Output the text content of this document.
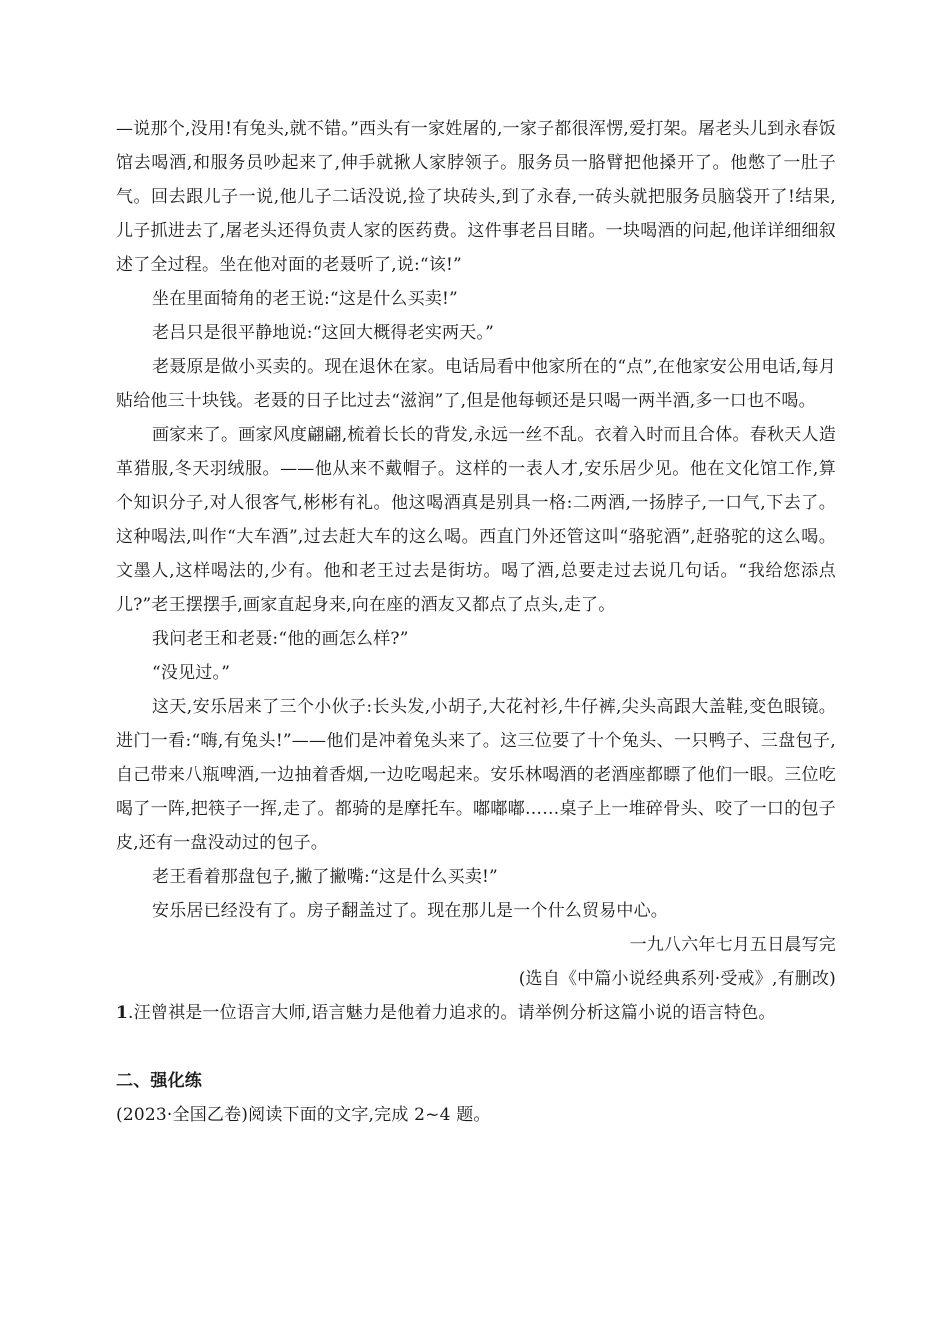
—说那个,没用!有兔头,就不错。”西头有一家姓屠的,一家子都很浑愣,爱打架。屠老头儿到永春饭馆去喝酒,和服务员吵起来了,伸手就揪人家脖领子。服务员一胳臂把他搡开了。他憋了一肚子气。回去跟儿子一说,他儿子二话没说,捡了块砖头,到了永春,一砖头就把服务员脑袋开了!结果,儿子抓进去了,屠老头还得负责人家的医药费。这件事老吕目睹。一块喝酒的问起,他详详细细叙述了全过程。坐在他对面的老聂听了,说:“该!”

坐在里面犄角的老王说:“这是什么买卖!”

老吕只是很平静地说:“这回大概得老实两天。”

老聂原是做小买卖的。现在退休在家。电话局看中他家所在的“点”,在他家安公用电话,每月贴给他三十块钱。老聂的日子比过去“滋润”了,但是他每顿还是只喝一两半酒,多一口也不喝。

画家来了。画家风度翩翩,梳着长长的背发,永远一丝不乱。衣着入时而且合体。春秋天人造革猎服,冬天羽绒服。——他从来不戴帽子。这样的一表人才,安乐居少见。他在文化馆工作,算个知识分子,对人很客气,彬彬有礼。他这喝酒真是别具一格:二两酒,一扬脖子,一口气,下去了。这种喝法,叫作“大车酒”,过去赶大车的这么喝。西直门外还管这叫“骆驼酒”,赶骆驼的这么喝。文墨人,这样喝法的,少有。他和老王过去是街坊。喝了酒,总要走过去说几句话。“我给您添点儿?”老王摆摆手,画家直起身来,向在座的酒友又都点了点头,走了。

我问老王和老聂:“他的画怎么样?”

“没见过。”

这天,安乐居来了三个小伙子:长头发,小胡子,大花衬衫,牛仔裤,尖头高跟大盖鞋,变色眼镜。进门一看:“嗨,有兔头!”——他们是冲着兔头来了。这三位要了十个兔头、一只鸭子、三盘包子,自己带来八瓶啤酒,一边抽着香烟,一边吃喝起来。安乐林喝酒的老酒座都瞟了他们一眼。三位吃喝了一阵,把筷子一挥,走了。都骑的是摩托车。嘟嘟嘟……桌子上一堆碎骨头、咬了一口的包子皮,还有一盘没动过的包子。

老王看着那盘包子,撇了撇嘴:“这是什么买卖!”

安乐居已经没有了。房子翻盖过了。现在那儿是一个什么贸易中心。

一九八六年七月五日晨写完

(选自《中篇小说经典系列·受戒》,有删改)

1.汪曾祺是一位语言大师,语言魅力是他着力追求的。请举例分析这篇小说的语言特色。

二、强化练

(2023·全国乙卷)阅读下面的文字,完成 2~4 题。
